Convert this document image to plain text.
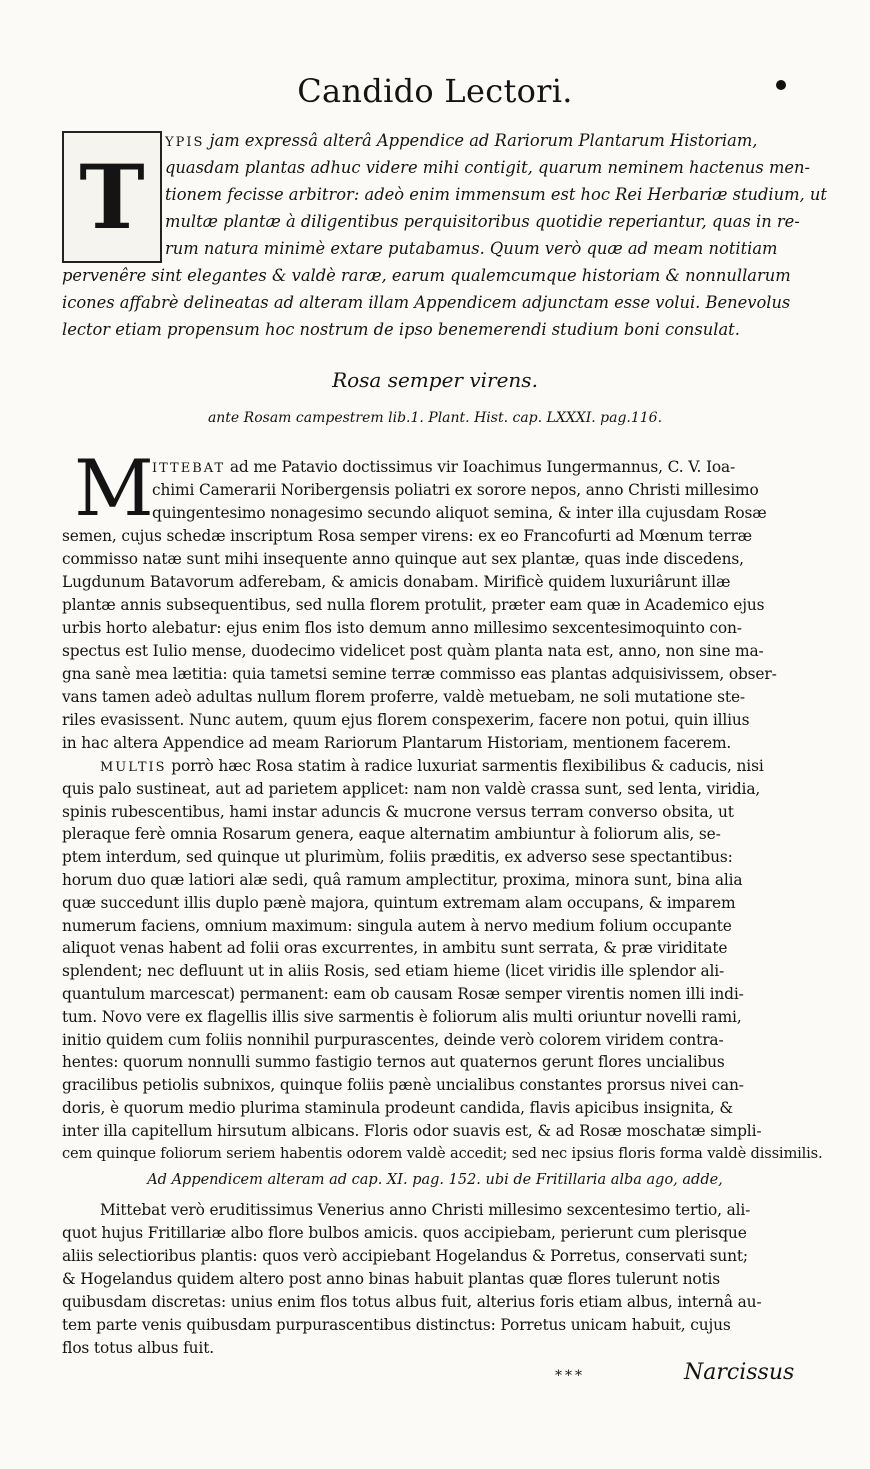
Candido Lectori.
T
YPIS jam expressâ alterâ Appendice ad Rariorum Plantarum Historiam,
quasdam plantas adhuc videre mihi contigit, quarum neminem hactenus men-
tionem fecisse arbitror: adeò enim immensum est hoc Rei Herbariæ studium, ut
multæ plantæ à diligentibus perquisitoribus quotidie reperiantur, quas in re-
rum natura minimè extare putabamus. Quum verò quæ ad meam notitiam
pervenêre sint elegantes & valdè raræ, earum qualemcumque historiam & nonnullarum
icones affabrè delineatas ad alteram illam Appendicem adjunctam esse volui. Benevolus
lector etiam propensum hoc nostrum de ipso benemerendi studium boni consulat.
Rosa semper virens.
ante Rosam campestrem lib.1. Plant. Hist. cap. LXXXI. pag.116.
M
ITTEBAT ad me Patavio doctissimus vir Ioachimus Iungermannus, C. V. Ioa-
chimi Camerarii Noribergensis poliatri ex sorore nepos, anno Christi millesimo
quingentesimo nonagesimo secundo aliquot semina, & inter illa cujusdam Rosæ
semen, cujus schedæ inscriptum Rosa semper virens: ex eo Francofurti ad Mœnum terræ
commisso natæ sunt mihi insequente anno quinque aut sex plantæ, quas inde discedens,
Lugdunum Batavorum adferebam, & amicis donabam. Mirificè quidem luxuriârunt illæ
plantæ annis subsequentibus, sed nulla florem protulit, præter eam quæ in Academico ejus
urbis horto alebatur: ejus enim flos isto demum anno millesimo sexcentesimoquinto con-
spectus est Iulio mense, duodecimo videlicet post quàm planta nata est, anno, non sine ma-
gna sanè mea lætitia: quia tametsi semine terræ commisso eas plantas adquisivissem, obser-
vans tamen adeò adultas nullum florem proferre, valdè metuebam, ne soli mutatione ste-
riles evasissent. Nunc autem, quum ejus florem conspexerim, facere non potui, quin illius
in hac altera Appendice ad meam Rariorum Plantarum Historiam, mentionem facerem.
MULTIS porrò hæc Rosa statim à radice luxuriat sarmentis flexibilibus & caducis, nisi
quis palo sustineat, aut ad parietem applicet: nam non valdè crassa sunt, sed lenta, viridia,
spinis rubescentibus, hami instar aduncis & mucrone versus terram converso obsita, ut
pleraque ferè omnia Rosarum genera, eaque alternatim ambiuntur à foliorum alis, se-
ptem interdum, sed quinque ut plurimùm, foliis præditis, ex adverso sese spectantibus:
horum duo quæ latiori alæ sedi, quâ ramum amplectitur, proxima, minora sunt, bina alia
quæ succedunt illis duplo pænè majora, quintum extremam alam occupans, & imparem
numerum faciens, omnium maximum: singula autem à nervo medium folium occupante
aliquot venas habent ad folii oras excurrentes, in ambitu sunt serrata, & præ viriditate
splendent; nec defluunt ut in aliis Rosis, sed etiam hieme (licet viridis ille splendor ali-
quantulum marcescat) permanent: eam ob causam Rosæ semper virentis nomen illi indi-
tum. Novo vere ex flagellis illis sive sarmentis è foliorum alis multi oriuntur novelli rami,
initio quidem cum foliis nonnihil purpurascentes, deinde verò colorem viridem contra-
hentes: quorum nonnulli summo fastigio ternos aut quaternos gerunt flores uncialibus
gracilibus petiolis subnixos, quinque foliis pænè uncialibus constantes prorsus nivei can-
doris, è quorum medio plurima staminula prodeunt candida, flavis apicibus insignita, &
inter illa capitellum hirsutum albicans. Floris odor suavis est, & ad Rosæ moschatæ simpli-
Ad Appendicem alteram ad cap. XI. pag. 152. ubi de Fritillaria alba ago, adde,
Mittebat verò eruditissimus Venerius anno Christi millesimo sexcentesimo tertio, ali-
quot hujus Fritillariæ albo flore bulbos amicis. quos accipiebam, perierunt cum plerisque
aliis selectioribus plantis: quos verò accipiebant Hogelandus & Porretus, conservati sunt;
& Hogelandus quidem altero post anno binas habuit plantas quæ flores tulerunt notis
quibusdam discretas: unius enim flos totus albus fuit, alterius foris etiam albus, internâ au-
tem parte venis quibusdam purpurascentibus distinctus: Porretus unicam habuit, cujus
flos totus albus fuit.
***	Narcissus
cem quinque foliorum seriem habentis odorem valdè accedit; sed nec ipsius floris forma valdè dissimilis.
